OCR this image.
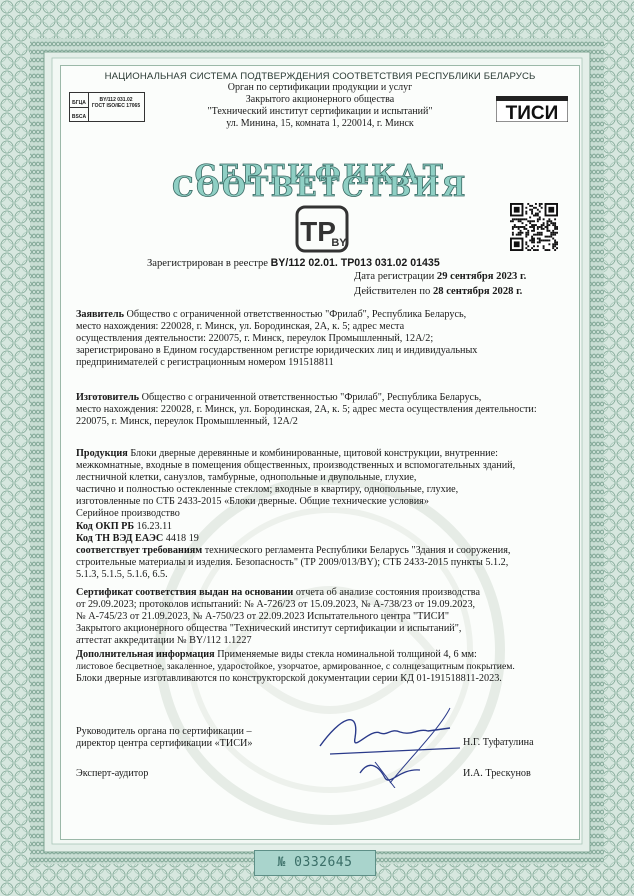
НАЦИОНАЛЬНАЯ СИСТЕМА ПОДТВЕРЖДЕНИЯ СООТВЕТСТВИЯ РЕСПУБЛИКИ БЕЛАРУСЬ
БГЦА
BSCA
BY/112 031.02
ГОСТ ISO/IEC 17065
Орган по сертификации продукции и услуг
Закрытого акционерного общества
"Технический институт сертификации и испытаний"
ул. Минина, 15, комната 1, 220014, г. Минск	ТИСИ
СЕРТИФИКАТ СООТВЕТСТВИЯ
ТР
BY
Зарегистрирован в реестре BY/112 02.01. ТР013 031.02 01435
Дата регистрации 29 сентября 2023 г.
Действителен по 28 сентября 2028 г.
Заявитель Общество с ограниченной ответственностью "Фрилаб", Республика Беларусь,
место нахождения: 220028, г. Минск, ул. Бородинская, 2А, к. 5; адрес места
осуществления деятельности: 220075, г. Минск, переулок Промышленный, 12А/2;
зарегистрировано в Едином государственном регистре юридических лиц и индивидуальных
предпринимателей с регистрационным номером 191518811
Изготовитель Общество с ограниченной ответственностью "Фрилаб", Республика Беларусь,
место нахождения: 220028, г. Минск, ул. Бородинская, 2А, к. 5; адрес места осуществления деятельности:
220075, г. Минск, переулок Промышленный, 12А/2
Продукция Блоки дверные деревянные и комбинированные, щитовой конструкции, внутренние:
межкомнатные, входные в помещения общественных, производственных и вспомогательных зданий,
лестничной клетки, санузлов, тамбурные, однопольные и двупольные, глухие,
частично и полностью остекленные стеклом; входные в квартиру, однопольные, глухие,
изготовленные по СТБ 2433-2015 «Блоки дверные. Общие технические условия»
Серийное производство
Код ОКП РБ 16.23.11
Код ТН ВЭД ЕАЭС 4418 19
соответствует требованиям технического регламента Республики Беларусь "Здания и сооружения,
строительные материалы и изделия. Безопасность" (ТР 2009/013/BY); СТБ 2433-2015 пункты 5.1.2,
5.1.3, 5.1.5, 5.1.6, 6.5.
Сертификат соответствия выдан на основании отчета об анализе состояния производства
от 29.09.2023; протоколов испытаний: № А-726/23 от 15.09.2023, № А-738/23 от 19.09.2023,
№ А-745/23 от 21.09.2023, № А-750/23 от 22.09.2023 Испытательного центра "ТИСИ"
Закрытого акционерного общества "Технический институт сертификации и испытаний",
аттестат аккредитации № BY/112 1.1227
Дополнительная информация Применяемые виды стекла номинальной толщиной 4, 6 мм:
листовое бесцветное, закаленное, ударостойкое, узорчатое, армированное, с солнцезащитным покрытием.
Блоки дверные изготавливаются по конструкторской документации серии КД 01-191518811-2023.
Руководитель органа по сертификации –
директор центра сертификации «ТИСИ»	Н.Г. Туфатулина
Эксперт-аудитор	И.А. Трескунов
№ 0332645
